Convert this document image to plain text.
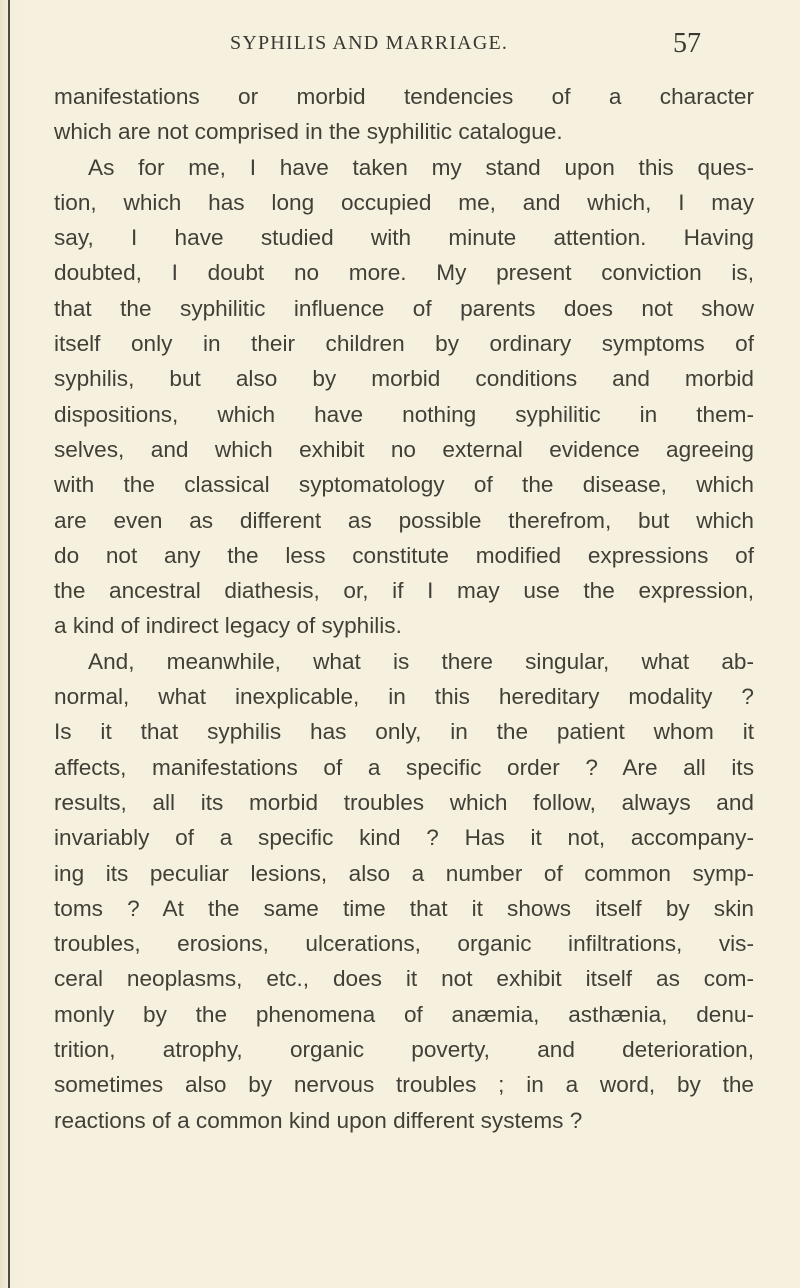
SYPHILIS AND MARRIAGE.	57
manifestations or morbid tendencies of a character
which are not comprised in the syphilitic catalogue.
As for me, I have taken my stand upon this ques-
tion, which has long occupied me, and which, I may
say, I have studied with minute attention. Having
doubted, I doubt no more. My present conviction is,
that the syphilitic influence of parents does not show
itself only in their children by ordinary symptoms of
syphilis, but also by morbid conditions and morbid
dispositions, which have nothing syphilitic in them-
selves, and which exhibit no external evidence agreeing
with the classical syptomatology of the disease, which
are even as different as possible therefrom, but which
do not any the less constitute modified expressions of
the ancestral diathesis, or, if I may use the expression,
a kind of indirect legacy of syphilis.
And, meanwhile, what is there singular, what ab-
normal, what inexplicable, in this hereditary modality ?
Is it that syphilis has only, in the patient whom it
affects, manifestations of a specific order ? Are all its
results, all its morbid troubles which follow, always and
invariably of a specific kind ? Has it not, accompany-
ing its peculiar lesions, also a number of common symp-
toms ? At the same time that it shows itself by skin
troubles, erosions, ulcerations, organic infiltrations, vis-
ceral neoplasms, etc., does it not exhibit itself as com-
monly by the phenomena of anæmia, asthænia, denu-
trition, atrophy, organic poverty, and deterioration,
sometimes also by nervous troubles ; in a word, by the
reactions of a common kind upon different systems ?
